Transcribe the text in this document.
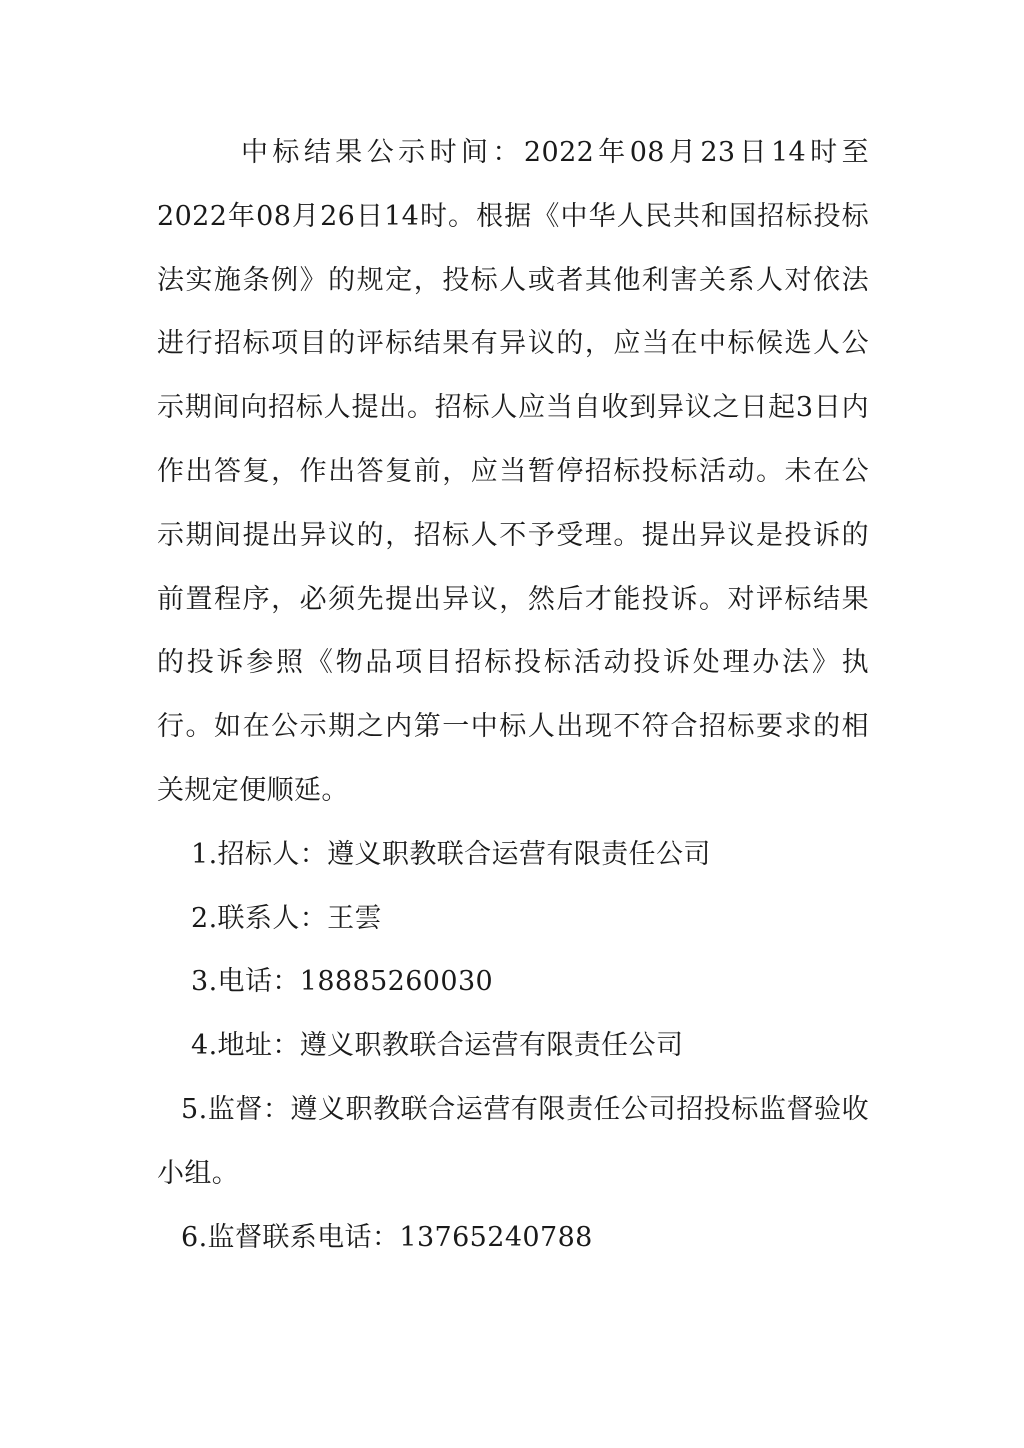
中标结果公示时间：2022年08月23日14时至2022年08月26日14时。根据《中华人民共和国招标投标法实施条例》的规定，投标人或者其他利害关系人对依法进行招标项目的评标结果有异议的，应当在中标候选人公示期间向招标人提出。招标人应当自收到异议之日起3日内作出答复，作出答复前，应当暂停招标投标活动。未在公示期间提出异议的，招标人不予受理。提出异议是投诉的前置程序，必须先提出异议，然后才能投诉。对评标结果的投诉参照《物品项目招标投标活动投诉处理办法》执行。如在公示期之内第一中标人出现不符合招标要求的相关规定便顺延。

1.招标人：遵义职教联合运营有限责任公司

2.联系人：王雲

3.电话：18885260030

4.地址：遵义职教联合运营有限责任公司

5.监督：遵义职教联合运营有限责任公司招投标监督验收小组。

6.监督联系电话：13765240788
